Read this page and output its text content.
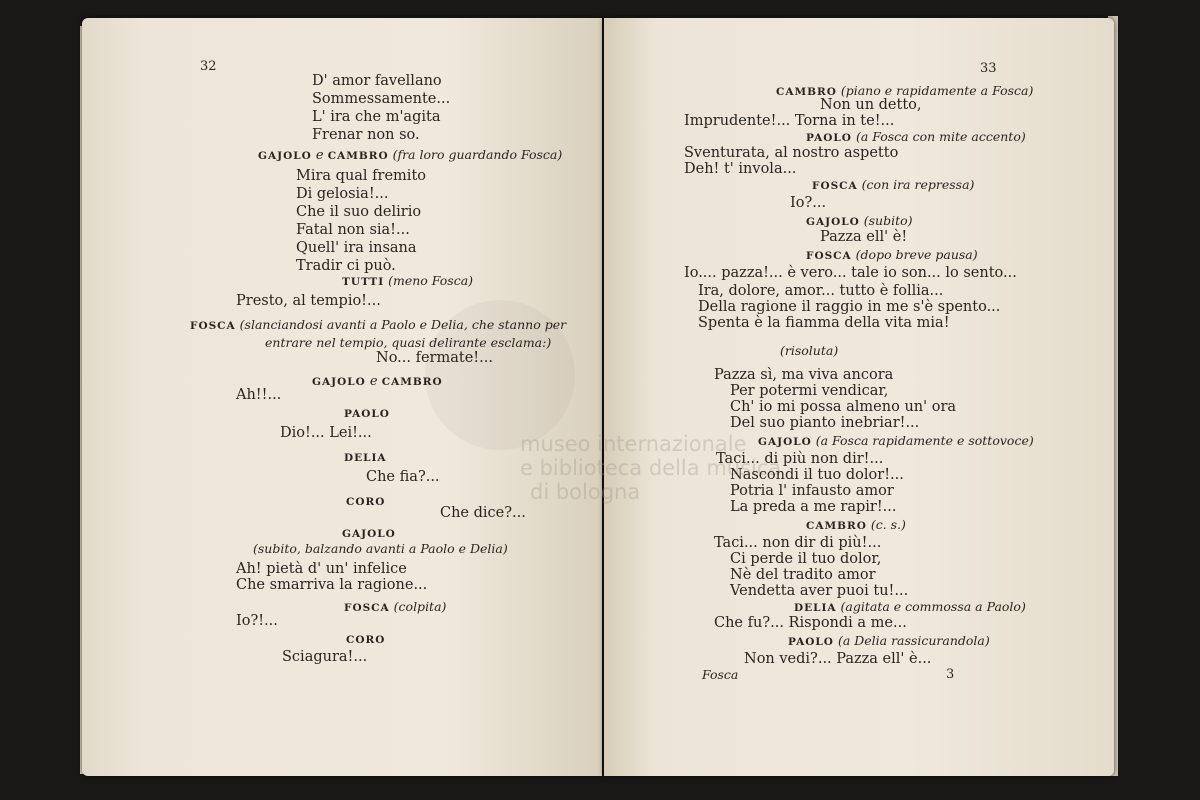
32	33
Fosca	3
museo internazionale
e biblioteca della musica
di bologna
D' amor favellano
Sommessamente...
L' ira che m'agita
Frenar non so.
GAJOLO e CAMBRO (fra loro guardando Fosca)
Mira qual fremito
Di gelosia!...
Che il suo delirio
Fatal non sia!...
Quell' ira insana
Tradir ci può.
TUTTI (meno Fosca)
Presto, al tempio!...
FOSCA (slanciandosi avanti a Paolo e Delia, che stanno per
entrare nel tempio, quasi delirante esclama:)
No... fermate!...
GAJOLO e CAMBRO
Ah!!...
PAOLO
Dio!... Lei!...
DELIA
Che fia?...
CORO
Che dice?...
GAJOLO
(subito, balzando avanti a Paolo e Delia)
Ah! pietà d' un' infelice
Che smarriva la ragione...
FOSCA (colpita)
Io?!...
CORO
Sciagura!...
CAMBRO (piano e rapidamente a Fosca)
Non un detto,
Imprudente!... Torna in te!...
PAOLO (a Fosca con mite accento)
Sventurata, al nostro aspetto
Deh! t' invola...
FOSCA (con ira repressa)
Io?...
GAJOLO (subito)
Pazza ell' è!
FOSCA (dopo breve pausa)
Io.... pazza!... è vero... tale io son... lo sento...
Ira, dolore, amor... tutto è follia...
Della ragione il raggio in me s'è spento...
Spenta è la fiamma della vita mia!
(risoluta)
Pazza sì, ma viva ancora
Per potermi vendicar,
Ch' io mi possa almeno un' ora
Del suo pianto inebriar!...
GAJOLO (a Fosca rapidamente e sottovoce)
Taci... di più non dir!...
Nascondi il tuo dolor!...
Potria l' infausto amor
La preda a me rapir!...
CAMBRO (c. s.)
Taci... non dir di più!...
Ci perde il tuo dolor,
Nè del tradito amor
Vendetta aver puoi tu!...
DELIA (agitata e commossa a Paolo)
Che fu?... Rispondi a me...
PAOLO (a Delia rassicurandola)
Non vedi?... Pazza ell' è...
